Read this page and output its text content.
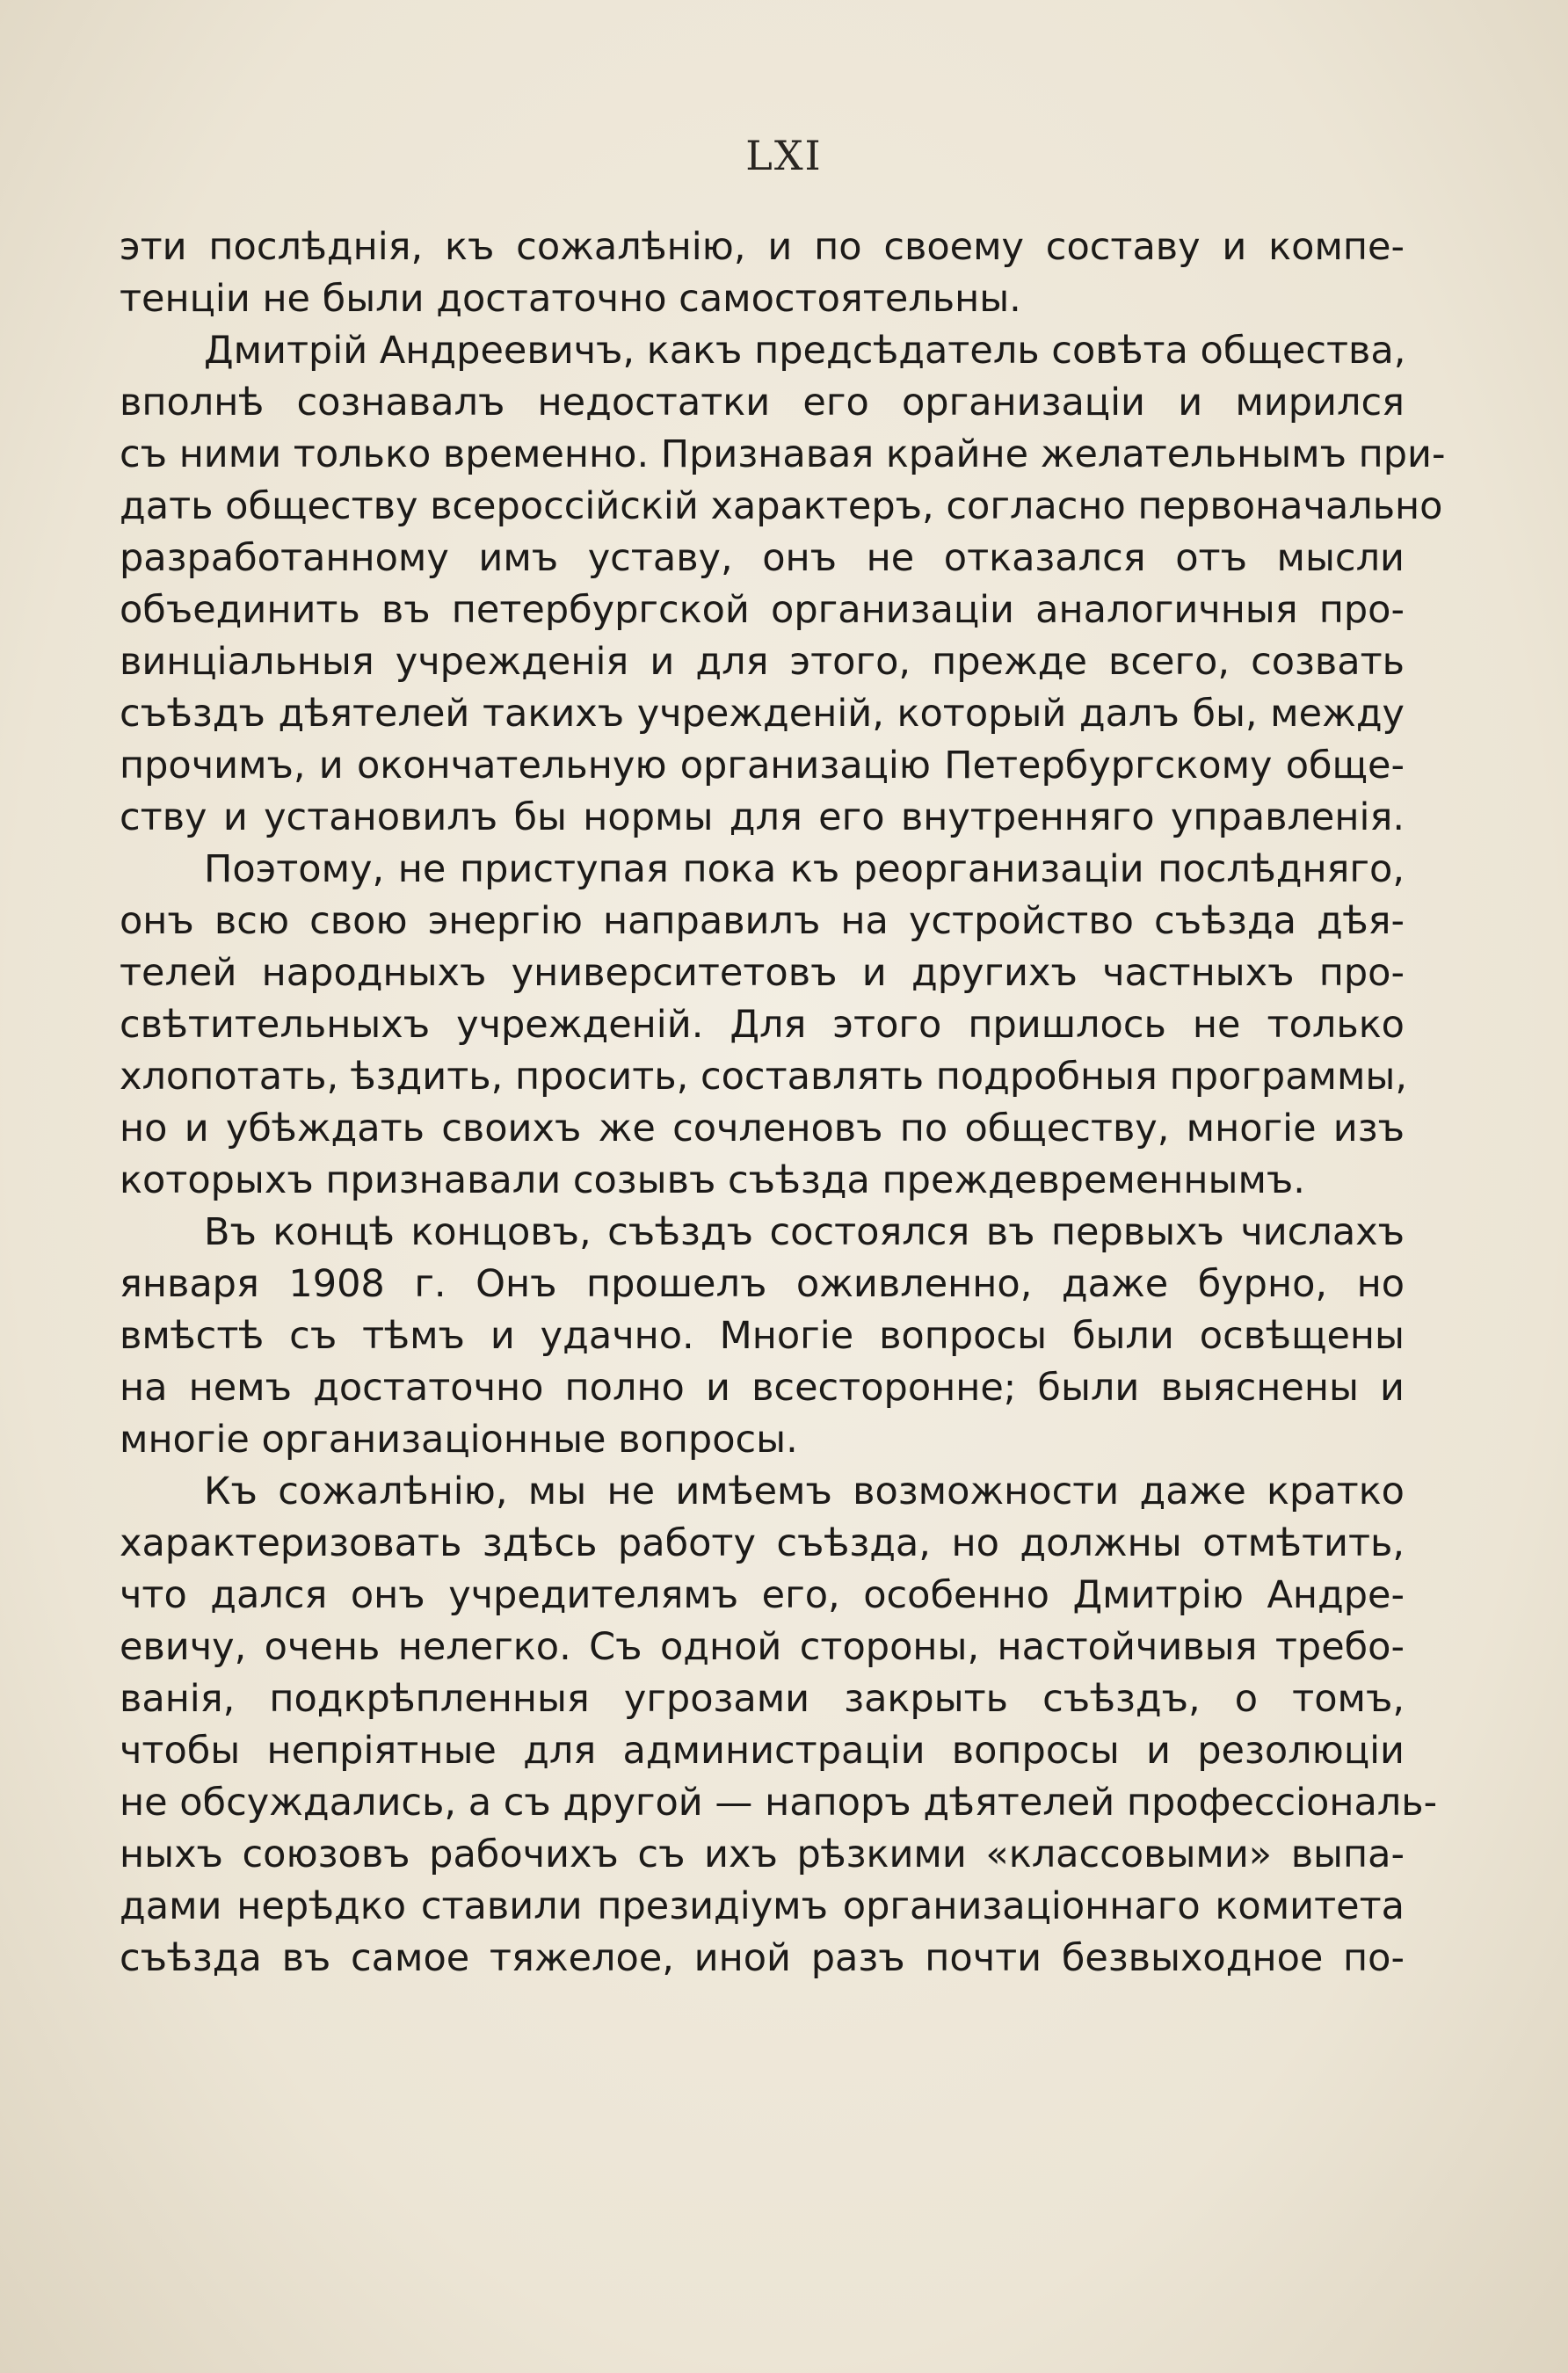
LXI
эти послѣднія, къ сожалѣнію, и по своему составу и компе-
тенціи не были достаточно самостоятельны.
Дмитрій Андреевичъ, какъ предсѣдатель совѣта общества,
вполнѣ сознавалъ недостатки его организаціи и мирился
съ ними только временно. Признавая крайне желательнымъ при-
дать обществу всероссійскій характеръ, согласно первоначально
разработанному имъ уставу, онъ не отказался отъ мысли
объединить въ петербургской организаціи аналогичныя про-
винціальныя учрежденія и для этого, прежде всего, созвать
съѣздъ дѣятелей такихъ учрежденій, который далъ бы, между
прочимъ, и окончательную организацію Петербургскому обще-
ству и установилъ бы нормы для его внутренняго управленія.
Поэтому, не приступая пока къ реорганизаціи послѣдняго,
онъ всю свою энергію направилъ на устройство съѣзда дѣя-
телей народныхъ университетовъ и другихъ частныхъ про-
свѣтительныхъ учрежденій. Для этого пришлось не только
хлопотать, ѣздить, просить, составлять подробныя программы,
но и убѣждать своихъ же сочленовъ по обществу, многіе изъ
которыхъ признавали созывъ съѣзда преждевременнымъ.
Въ концѣ концовъ, съѣздъ состоялся въ первыхъ числахъ
января 1908 г. Онъ прошелъ оживленно, даже бурно, но
вмѣстѣ съ тѣмъ и удачно. Многіе вопросы были освѣщены
на немъ достаточно полно и всесторонне; были выяснены и
многіе организаціонные вопросы.
Къ сожалѣнію, мы не имѣемъ возможности даже кратко
характеризовать здѣсь работу съѣзда, но должны отмѣтить,
что дался онъ учредителямъ его, особенно Дмитрію Андре-
евичу, очень нелегко. Съ одной стороны, настойчивыя требо-
ванія, подкрѣпленныя угрозами закрыть съѣздъ, о томъ,
чтобы непріятные для администраціи вопросы и резолюціи
не обсуждались, а съ другой — напоръ дѣятелей профессіональ-
ныхъ союзовъ рабочихъ съ ихъ рѣзкими «классовыми» выпа-
дами нерѣдко ставили президіумъ организаціоннаго комитета
съѣзда въ самое тяжелое, иной разъ почти безвыходное по-
